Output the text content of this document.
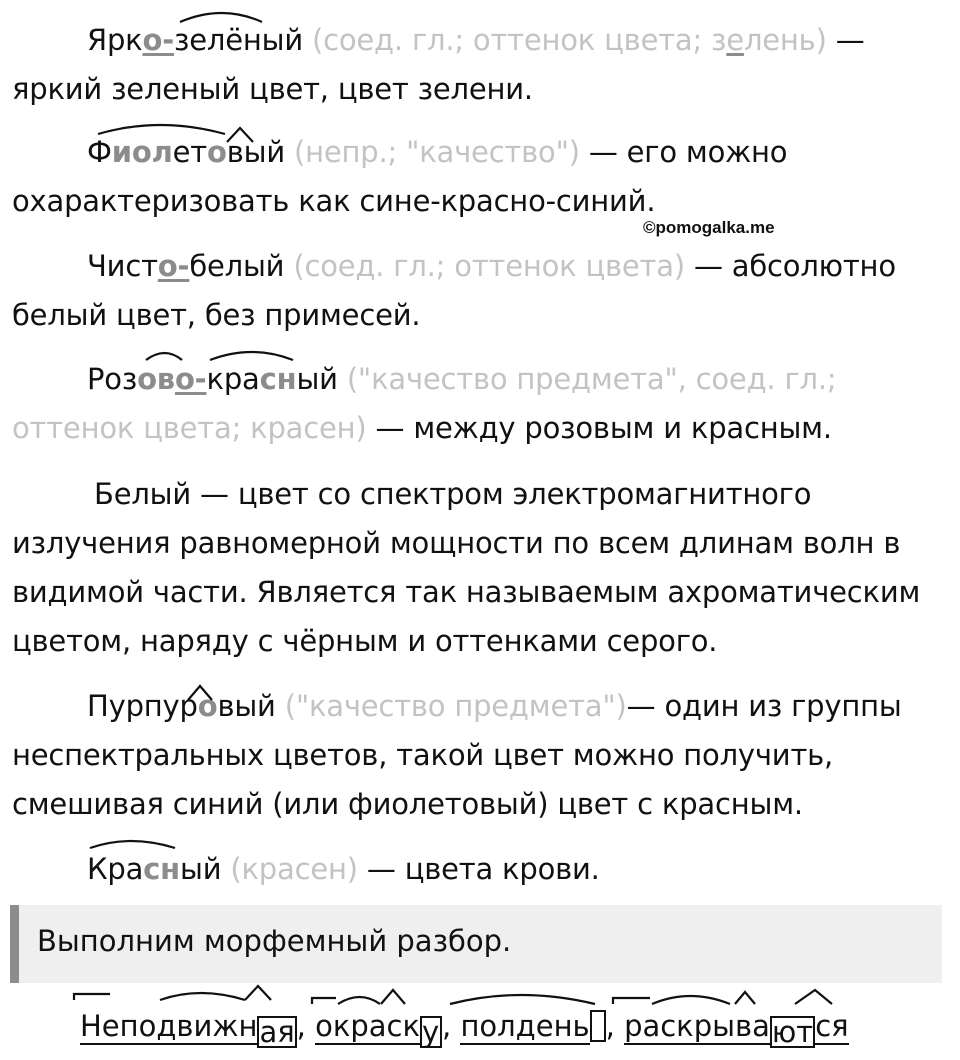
Ярко-зелёный (соед. гл.; оттенок цвета; зелень) — яркий зеленый цвет, цвет зелени.
Фиолетовый (непр.; "качество") — его можно охарактеризовать как сине-красно-синий.
©pomogalka.me
Чисто-белый (соед. гл.; оттенок цвета) — абсолютно белый цвет, без примесей.
Розово-красный ("качество предмета", соед. гл.; оттенок цвета; красен) — между розовым и красным.
Белый — цвет со спектром электромагнитного излучения равномерной мощности по всем длинам волн в видимой части. Является так называемым ахроматическим цветом, наряду с чёрным и оттенками серого.
Пурпуровый ("качество предмета")— один из группы неспектральных цветов, такой цвет можно получить, смешивая синий (или фиолетовый) цвет с красным.
Красный (красен) — цвета крови.
Выполним морфемный разбор.
Неподвижная, окраску, полдень , раскрываются
